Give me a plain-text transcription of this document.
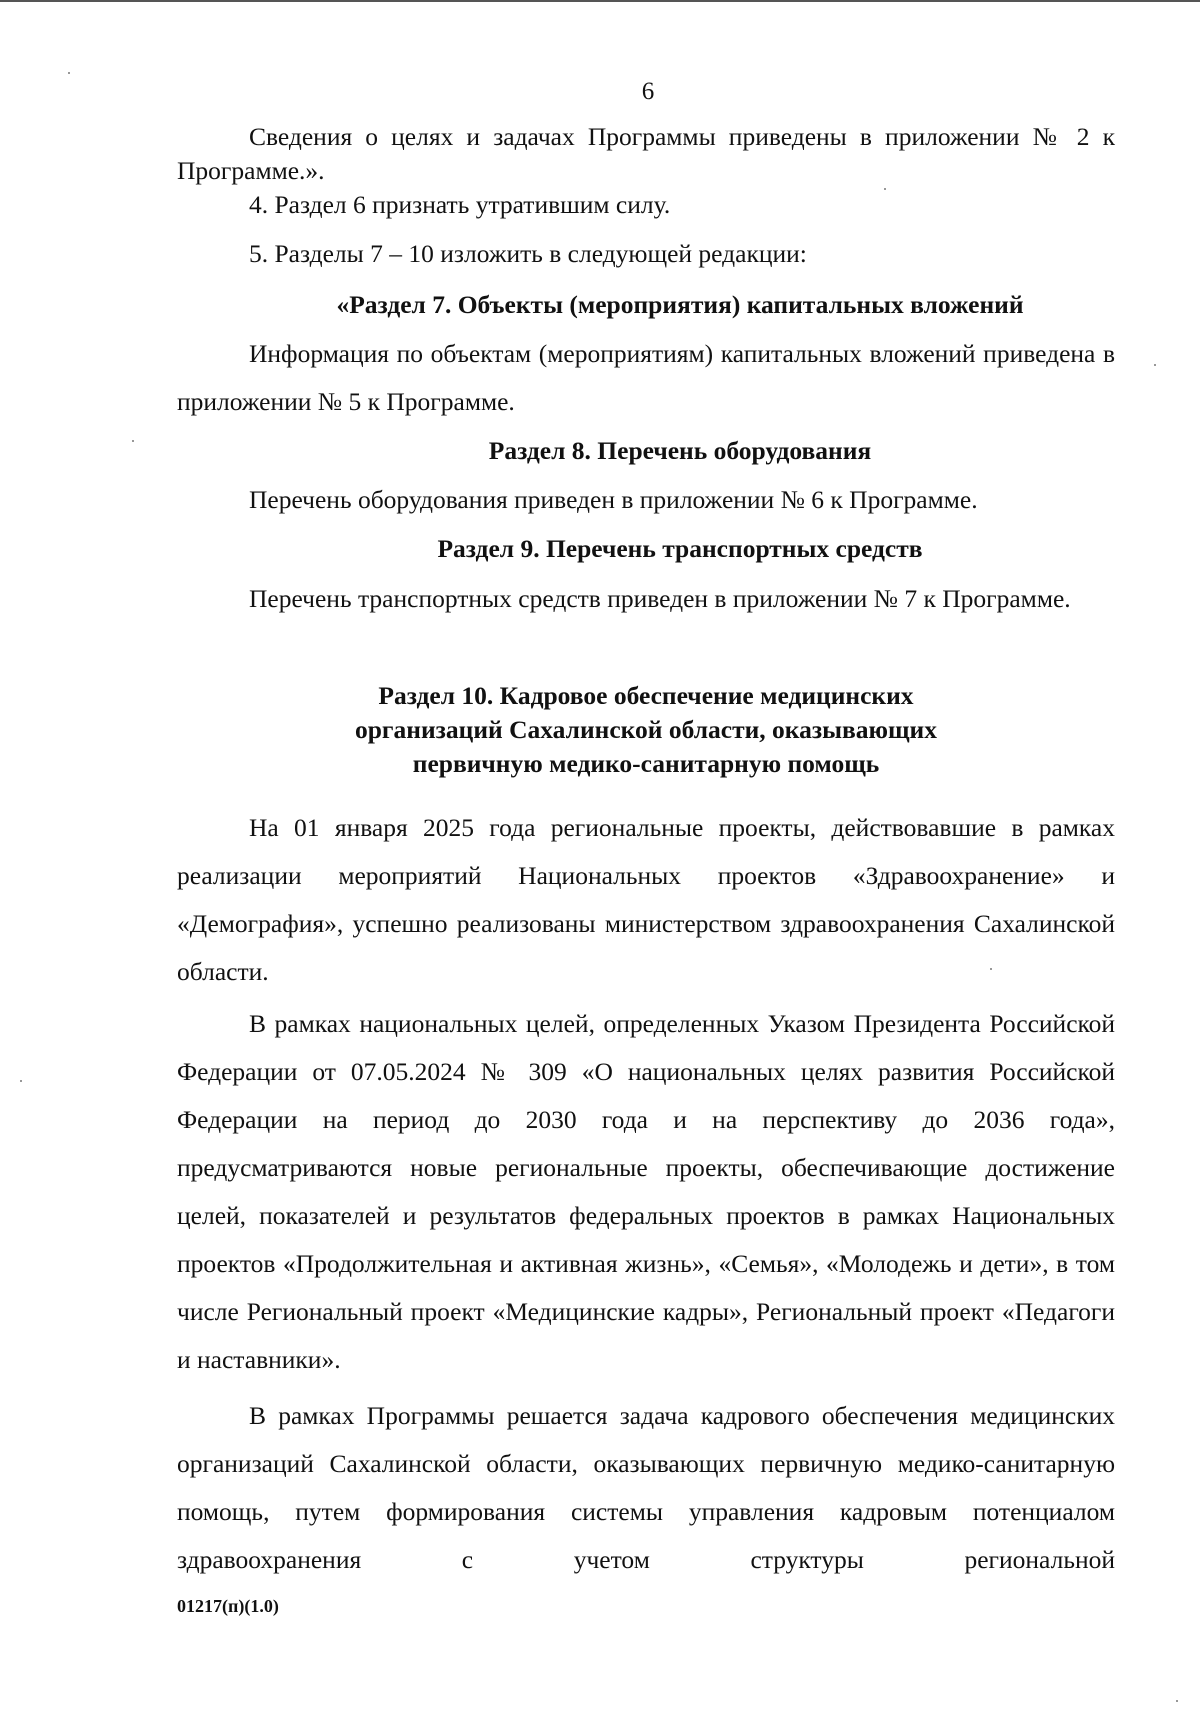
6

Сведения о целях и задачах Программы приведены в приложении № 2 к Программе.».

4. Раздел 6 признать утратившим силу.

5. Разделы 7 – 10 изложить в следующей редакции:

«Раздел 7. Объекты (мероприятия) капитальных вложений

Информация по объектам (мероприятиям) капитальных вложений приведена в приложении № 5 к Программе.

Раздел 8. Перечень оборудования

Перечень оборудования приведен в приложении № 6 к Программе.

Раздел 9. Перечень транспортных средств

Перечень транспортных средств приведен в приложении № 7 к Программе.

Раздел 10. Кадровое обеспечение медицинских
организаций Сахалинской области, оказывающих
первичную медико-санитарную помощь

На 01 января 2025 года региональные проекты, действовавшие в рамках реализации мероприятий Национальных проектов «Здравоохранение» и «Демография», успешно реализованы министерством здравоохранения Сахалинской области.

В рамках национальных целей, определенных Указом Президента Российской Федерации от 07.05.2024 № 309 «О национальных целях развития Российской Федерации на период до 2030 года и на перспективу до 2036 года», предусматриваются новые региональные проекты, обеспечивающие достижение целей, показателей и результатов федеральных проектов в рамках Национальных проектов «Продолжительная и активная жизнь», «Семья», «Молодежь и дети», в том числе Региональный проект «Медицинские кадры», Региональный проект «Педагоги и наставники».

В рамках Программы решается задача кадрового обеспечения медицинских организаций Сахалинской области, оказывающих первичную медико-санитарную помощь, путем формирования системы управления кадровым потенциалом здравоохранения с учетом структуры региональной

01217(п)(1.0)
